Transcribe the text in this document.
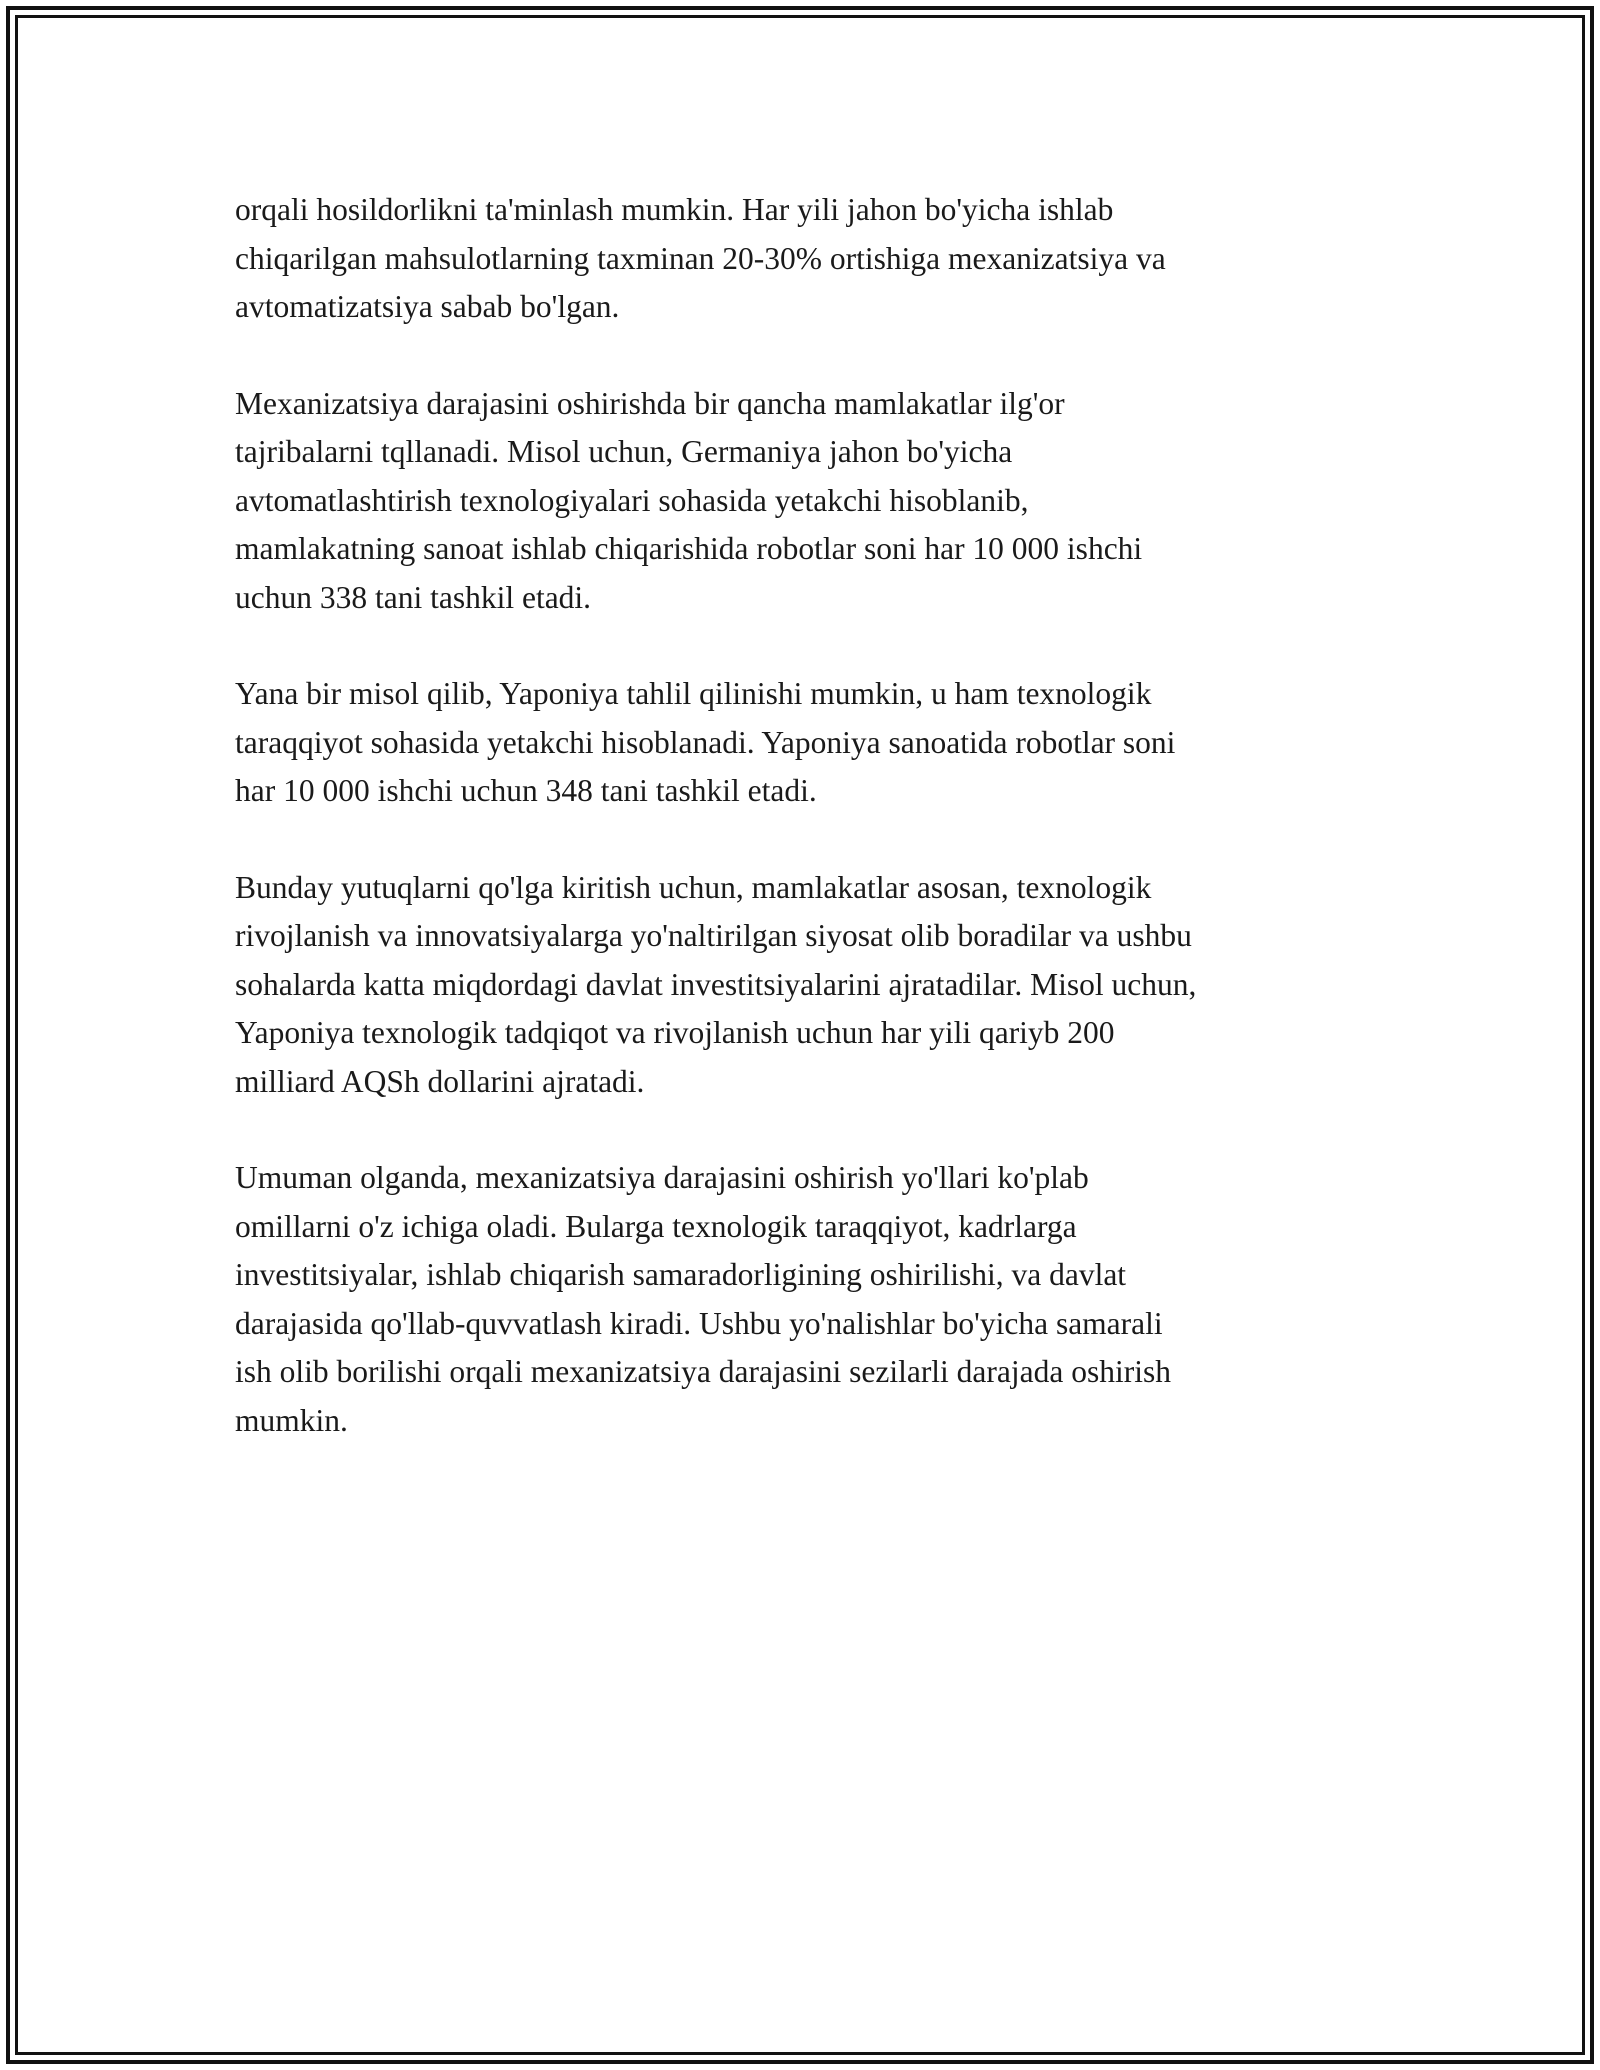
orqali hosildorlikni ta'minlash mumkin. Har yili jahon bo'yicha ishlab
chiqarilgan mahsulotlarning taxminan 20-30% ortishiga mexanizatsiya va
avtomatizatsiya sabab bo'lgan.

Mexanizatsiya darajasini oshirishda bir qancha mamlakatlar ilg'or
tajribalarni tqllanadi. Misol uchun, Germaniya jahon bo'yicha
avtomatlashtirish texnologiyalari sohasida yetakchi hisoblanib,
mamlakatning sanoat ishlab chiqarishida robotlar soni har 10 000 ishchi
uchun 338 tani tashkil etadi.

Yana bir misol qilib, Yaponiya tahlil qilinishi mumkin, u ham texnologik
taraqqiyot sohasida yetakchi hisoblanadi. Yaponiya sanoatida robotlar soni
har 10 000 ishchi uchun 348 tani tashkil etadi.

Bunday yutuqlarni qo'lga kiritish uchun, mamlakatlar asosan, texnologik
rivojlanish va innovatsiyalarga yo'naltirilgan siyosat olib boradilar va ushbu
sohalarda katta miqdordagi davlat investitsiyalarini ajratadilar. Misol uchun,
Yaponiya texnologik tadqiqot va rivojlanish uchun har yili qariyb 200
milliard AQSh dollarini ajratadi.

Umuman olganda, mexanizatsiya darajasini oshirish yo'llari ko'plab
omillarni o'z ichiga oladi. Bularga texnologik taraqqiyot, kadrlarga
investitsiyalar, ishlab chiqarish samaradorligining oshirilishi, va davlat
darajasida qo'llab-quvvatlash kiradi. Ushbu yo'nalishlar bo'yicha samarali
ish olib borilishi orqali mexanizatsiya darajasini sezilarli darajada oshirish
mumkin.
